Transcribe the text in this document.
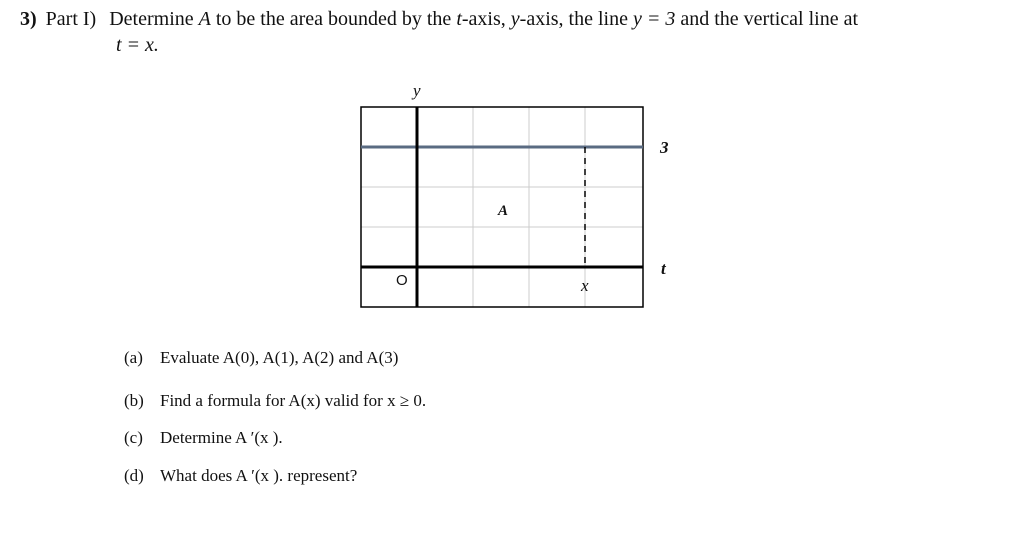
3) Part I) Determine A to be the area bounded by the t-axis, y-axis, the line y = 3 and the vertical line at
t = x.
y
3
A
t
O	x
(a) Evaluate A(0), A(1), A(2) and A(3)
(b) Find a formula for A(x) valid for x ≥ 0.
(c) Determine A ′(x ).
(d) What does A ′(x ). represent?
